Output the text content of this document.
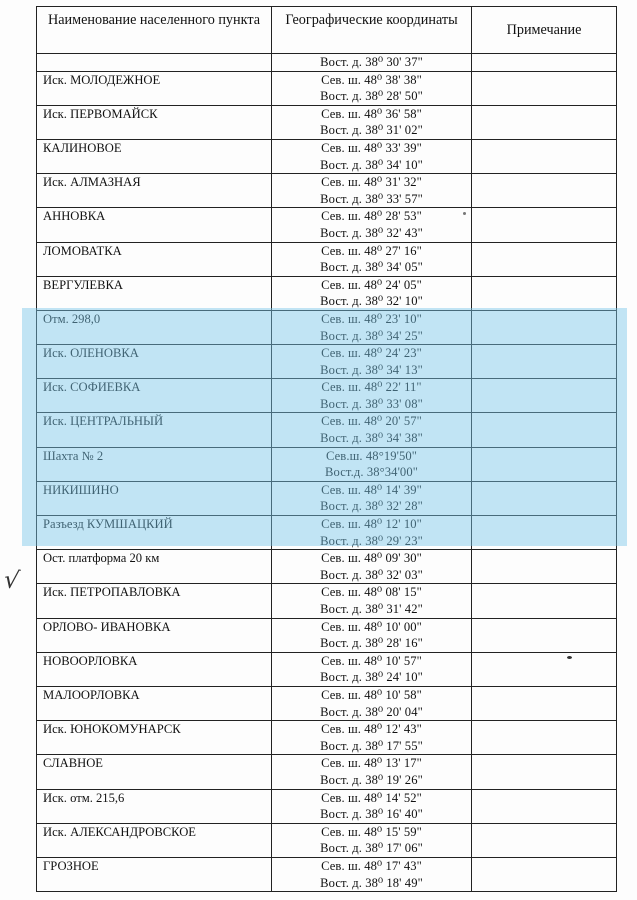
Наименование населенного пункта	Географические координаты	Примечание

	Вост. д. 38⁰ 30' 37"	

Иск. МОЛОДЕЖНОЕ	Сев. ш. 48⁰ 38' 38"
Вост. д. 38⁰ 28' 50"	

Иск. ПЕРВОМАЙСК	Сев. ш. 48⁰ 36' 58"
Вост. д. 38⁰ 31' 02"	

КАЛИНОВОЕ	Сев. ш. 48⁰ 33' 39"
Вост. д. 38⁰ 34' 10"	

Иск. АЛМАЗНАЯ	Сев. ш. 48⁰ 31' 32"
Вост. д. 38⁰ 33' 57"	

АННОВКА	Сев. ш. 48⁰ 28' 53"
Вост. д. 38⁰ 32' 43"	

ЛОМОВАТКА	Сев. ш. 48⁰ 27' 16"
Вост. д. 38⁰ 34' 05"	

ВЕРГУЛЕВКА	Сев. ш. 48⁰ 24' 05"
Вост. д. 38⁰ 32' 10"	

Отм. 298,0	Сев. ш. 48⁰ 23' 10"
Вост. д. 38⁰ 34' 25"	

Иск. ОЛЕНОВКА	Сев. ш. 48⁰ 24' 23"
Вост. д. 38⁰ 34' 13"	

Иск. СОФИЕВКА	Сев. ш. 48⁰ 22' 11"
Вост. д. 38⁰ 33' 08"	

Иск. ЦЕНТРАЛЬНЫЙ	Сев. ш. 48⁰ 20' 57"
Вост. д. 38⁰ 34' 38"	

Шахта № 2	Сев.ш. 48°19'50"
Вост.д. 38°34'00"	

НИКИШИНО	Сев. ш. 48⁰ 14' 39"
Вост. д. 38⁰ 32' 28"	

Разъезд КУМШАЦКИЙ	Сев. ш. 48⁰ 12' 10"
Вост. д. 38⁰ 29' 23"	

Ост. платформа 20 км	Сев. ш. 48⁰ 09' 30"
Вост. д. 38⁰ 32' 03"	

Иск. ПЕТРОПАВЛОВКА	Сев. ш. 48⁰ 08' 15"
Вост. д. 38⁰ 31' 42"	

ОРЛОВО- ИВАНОВКА	Сев. ш. 48⁰ 10' 00"
Вост. д. 38⁰ 28' 16"	

НОВООРЛОВКА	Сев. ш. 48⁰ 10' 57"
Вост. д. 38⁰ 24' 10"	

МАЛООРЛОВКА	Сев. ш. 48⁰ 10' 58"
Вост. д. 38⁰ 20' 04"	

Иск. ЮНОКОМУНАРСК	Сев. ш. 48⁰ 12' 43"
Вост. д. 38⁰ 17' 55"	

СЛАВНОЕ	Сев. ш. 48⁰ 13' 17"
Вост. д. 38⁰ 19' 26"	

Иск. отм. 215,6	Сев. ш. 48⁰ 14' 52"
Вост. д. 38⁰ 16' 40"	

Иск. АЛЕКСАНДРОВСКОЕ	Сев. ш. 48⁰ 15' 59"
Вост. д. 38⁰ 17' 06"	

ГРОЗНОЕ	Сев. ш. 48⁰ 17' 43"
Вост. д. 38⁰ 18' 49"	

√
